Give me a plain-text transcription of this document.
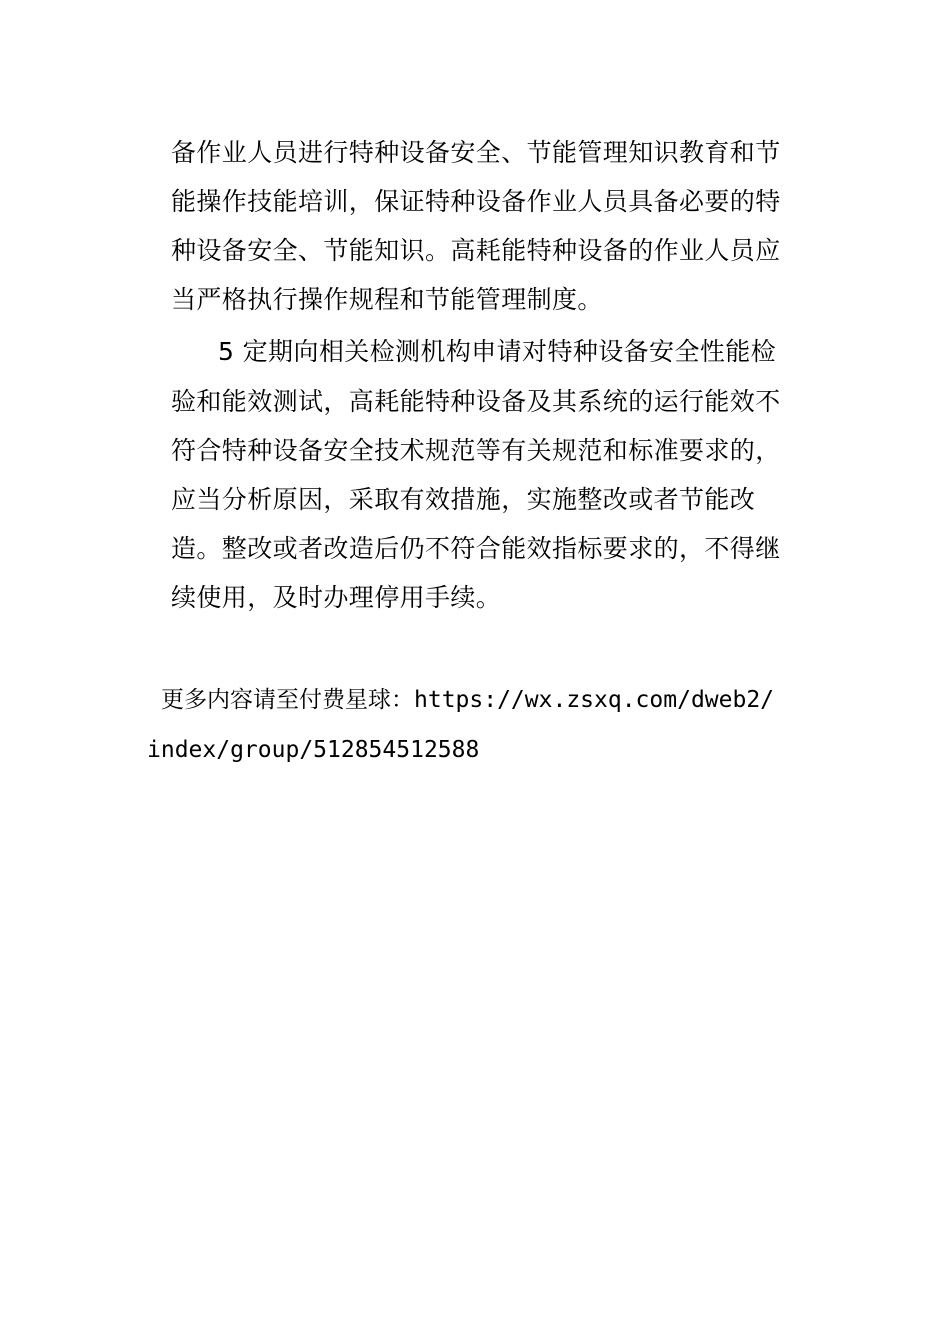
备作业人员进行特种设备安全、节能管理知识教育和节
能操作技能培训，保证特种设备作业人员具备必要的特
种设备安全、节能知识。高耗能特种设备的作业人员应
当严格执行操作规程和节能管理制度。
5 定期向相关检测机构申请对特种设备安全性能检
验和能效测试，高耗能特种设备及其系统的运行能效不
符合特种设备安全技术规范等有关规范和标准要求的，
应当分析原因，采取有效措施，实施整改或者节能改
造。整改或者改造后仍不符合能效指标要求的，不得继
续使用，及时办理停用手续。
更多内容请至付费星球：https://wx.zsxq.com/dweb2/
index/group/512854512588
